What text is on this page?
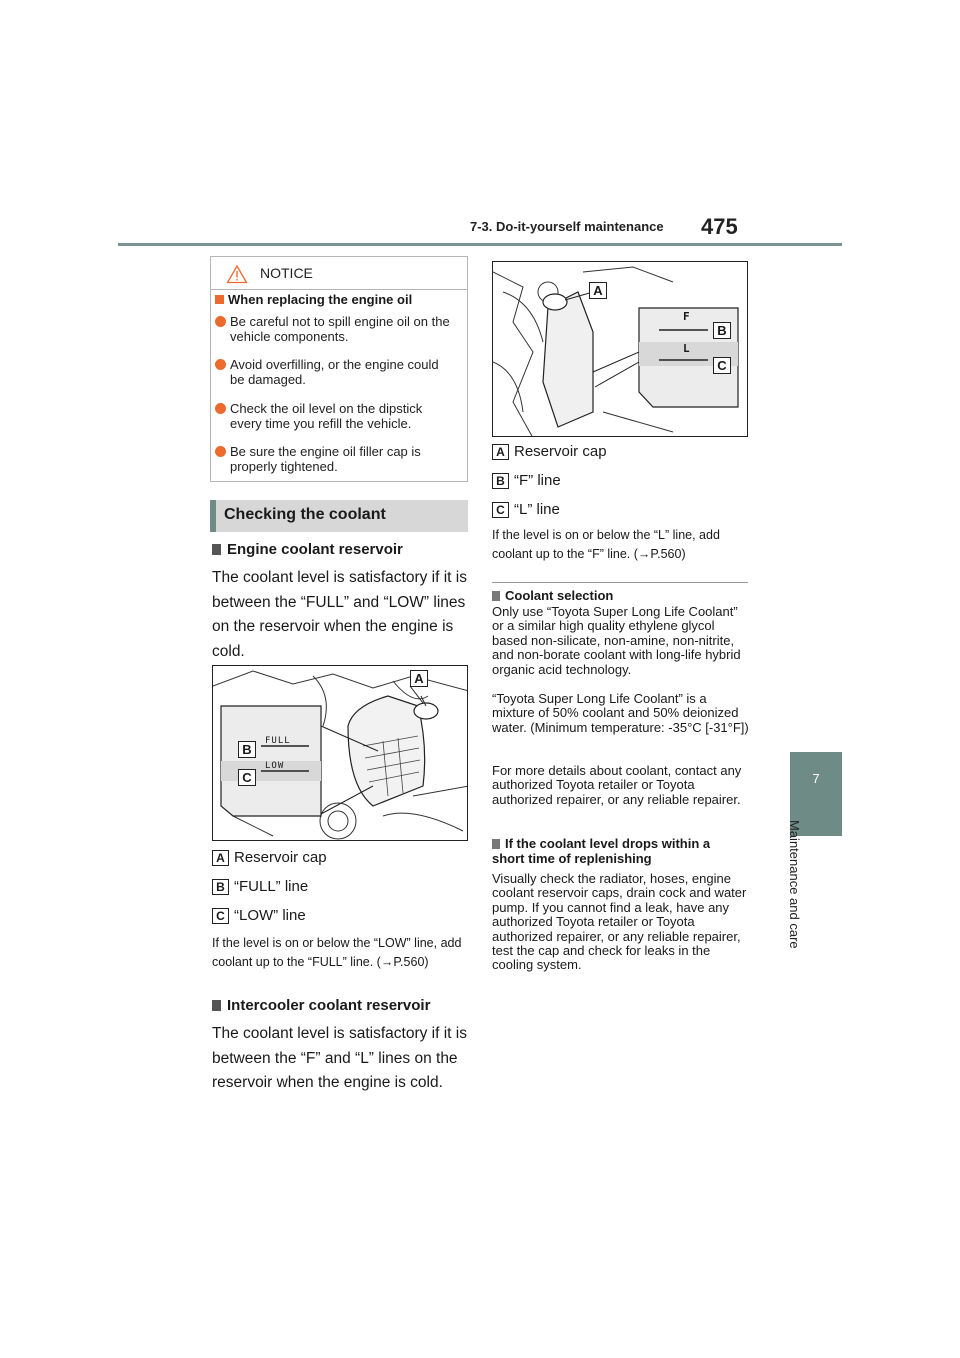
7-3. Do-it-yourself maintenance 475
7
Maintenance and care
NOTICE
When replacing the engine oil
Be careful not to spill engine oil on the vehicle components.
Avoid overfilling, or the engine could be damaged.
Check the oil level on the dipstick every time you refill the vehicle.
Be sure the engine oil filler cap is properly tightened.
Checking the coolant
Engine coolant reservoir
The coolant level is satisfactory if it is between the “FULL” and “LOW” lines on the reservoir when the engine is cold.
FULL
LOW
A
B
C
A Reservoir cap
B “FULL” line
C “LOW” line
If the level is on or below the “LOW” line, add coolant up to the “FULL” line. (→P.560)
Intercooler coolant reservoir
The coolant level is satisfactory if it is between the “F” and “L” lines on the reservoir when the engine is cold.
F
L
A
B
C
A Reservoir cap
B “F” line
C “L” line
If the level is on or below the “L” line, add coolant up to the “F” line. (→P.560)
Coolant selection
Only use “Toyota Super Long Life Coolant” or a similar high quality ethylene glycol based non-silicate, non-amine, non-nitrite, and non-borate coolant with long-life hybrid organic acid technology.
“Toyota Super Long Life Coolant” is a mixture of 50% coolant and 50% deionized water. (Minimum temperature: -35°C [-31°F])
For more details about coolant, contact any authorized Toyota retailer or Toyota authorized repairer, or any reliable repairer.
If the coolant level drops within a short time of replenishing
Visually check the radiator, hoses, engine coolant reservoir caps, drain cock and water pump. If you cannot find a leak, have any authorized Toyota retailer or Toyota authorized repairer, or any reliable repairer, test the cap and check for leaks in the cooling system.
